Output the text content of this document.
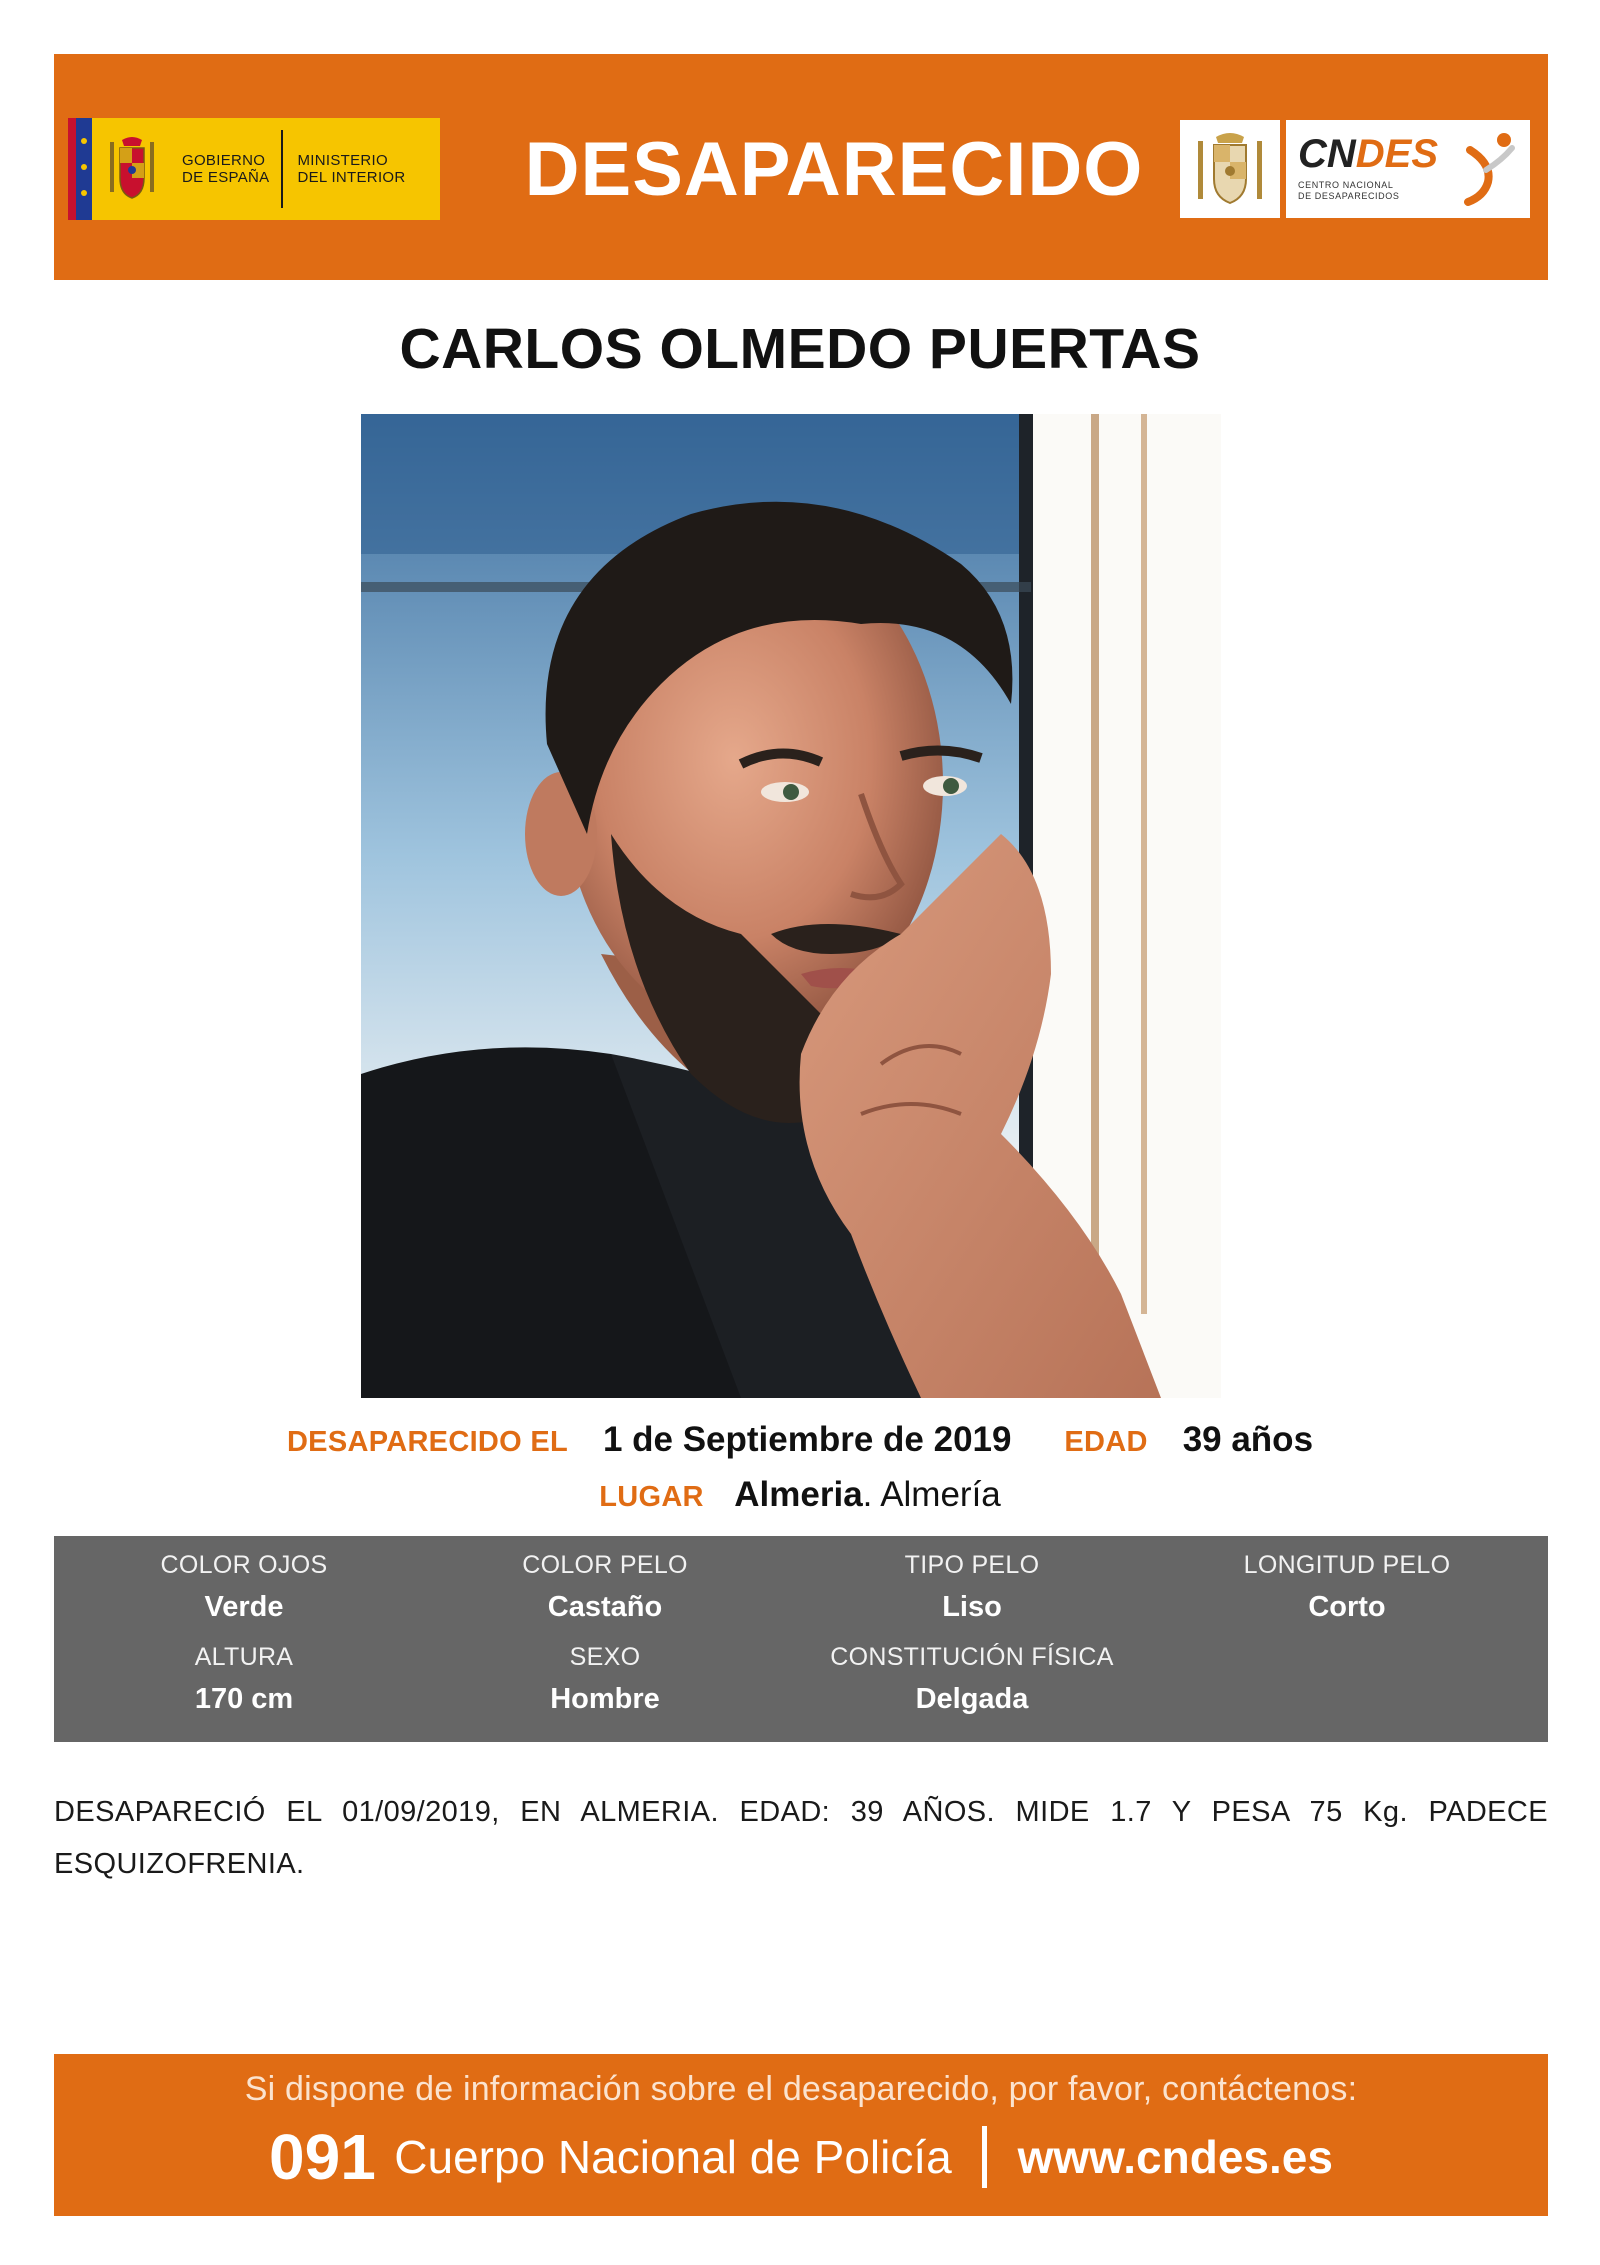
GOBIERNO
DE ESPAÑA
MINISTERIO
DEL INTERIOR	DESAPARECIDO	CNDES
CENTRO NACIONAL
DE DESAPARECIDOS
CARLOS OLMEDO PUERTAS
DESAPARECIDO EL 1 de Septiembre de 2019 EDAD 39 años
LUGAR Almeria. Almería
COLOR OJOS
Verde
COLOR PELO
Castaño
TIPO PELO
Liso
LONGITUD PELO
Corto
ALTURA
170 cm
SEXO
Hombre
CONSTITUCIÓN FÍSICA
Delgada
DESAPARECIÓ EL 01/09/2019, EN ALMERIA. EDAD: 39 AÑOS. MIDE 1.7 Y PESA 75 Kg. PADECE ESQUIZOFRENIA.
Si dispone de información sobre el desaparecido, por favor, contáctenos:
091 Cuerpo Nacional de Policía www.cndes.es
